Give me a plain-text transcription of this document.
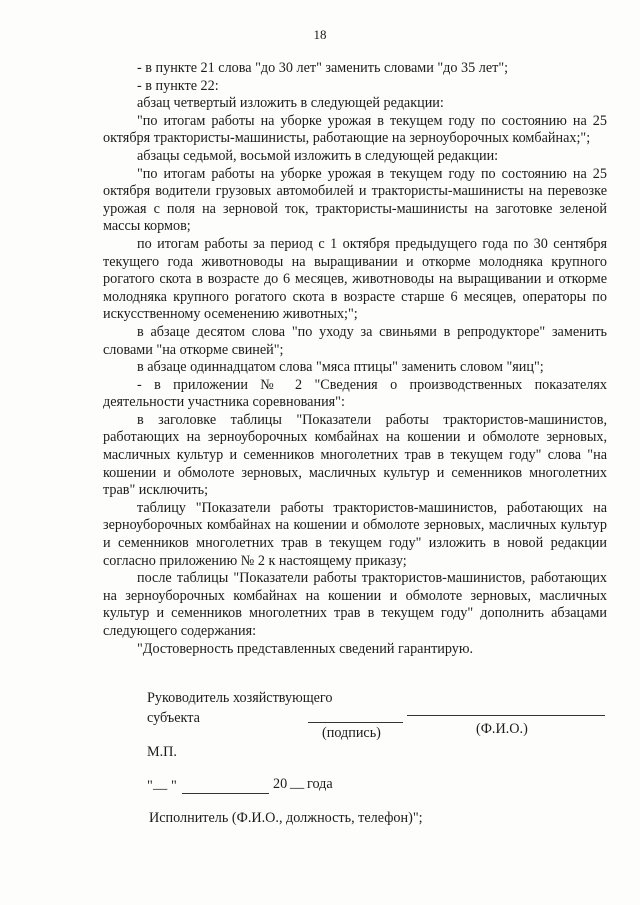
18

- в пункте 21 слова "до 30 лет" заменить словами "до 35 лет";

- в пункте 22:

абзац четвертый изложить в следующей редакции:

"по итогам работы на уборке урожая в текущем году по состоянию на 25 октября трактористы-машинисты, работающие на зерноуборочных комбайнах;";

абзацы седьмой, восьмой изложить в следующей редакции:

"по итогам работы на уборке урожая в текущем году по состоянию на 25 октября водители грузовых автомобилей и трактористы-машинисты на перевозке урожая с поля на зерновой ток, трактористы-машинисты на заготовке зеленой массы кормов;

по итогам работы за период с 1 октября предыдущего года по 30 сентября текущего года животноводы на выращивании и откорме молодняка крупного рогатого скота в возрасте до 6 месяцев, животноводы на выращивании и откорме молодняка крупного рогатого скота в возрасте старше 6 месяцев, операторы по искусственному осеменению животных;";

в абзаце десятом слова "по уходу за свиньями в репродукторе" заменить словами "на откорме свиней";

в абзаце одиннадцатом слова "мяса птицы" заменить словом "яиц";

- в приложении № 2 "Сведения о производственных показателях деятельности участника соревнования":

в заголовке таблицы "Показатели работы трактористов-машинистов, работающих на зерноуборочных комбайнах на кошении и обмолоте зерновых, масличных культур и семенников многолетних трав в текущем году" слова "на кошении и обмолоте зерновых, масличных культур и семенников многолетних трав" исключить;

таблицу "Показатели работы трактористов-машинистов, работающих на зерноуборочных комбайнах на кошении и обмолоте зерновых, масличных культур и семенников многолетних трав в текущем году" изложить в новой редакции согласно приложению № 2 к настоящему приказу;

после таблицы "Показатели работы трактористов-машинистов, работающих на зерноуборочных комбайнах на кошении и обмолоте зерновых, масличных культур и семенников многолетних трав в текущем году" дополнить абзацами следующего содержания:

"Достоверность представленных сведений гарантирую.

Руководитель хозяйствующего
субъекта
(подпись)	(Ф.И.О.)
М.П.
" __ "	20 __ года
Исполнитель (Ф.И.О., должность, телефон)";
